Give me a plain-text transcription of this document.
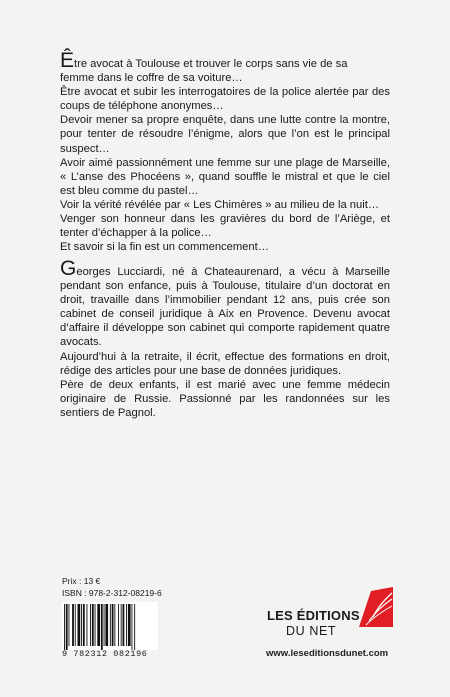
Être avocat à Toulouse et trouver le corps sans vie de sa
femme dans le coffre de sa voiture…

Être avocat et subir les interrogatoires de la police alertée par des coups de téléphone anonymes…

Devoir mener sa propre enquête, dans une lutte contre la montre, pour tenter de résoudre l’énigme, alors que l’on est le principal suspect…

Avoir aimé passionnément une femme sur une plage de Marseille, « L’anse des Phocéens », quand souffle le mistral et que le ciel est bleu comme du pastel…

Voir la vérité révélée par « Les Chimères » au milieu de la nuit…

Venger son honneur dans les gravières du bord de l’Ariège, et tenter d’échapper à la police…

Et savoir si la fin est un commencement…

Georges Lucciardi, né à Chateaurenard, a vécu à Marseille pendant son enfance, puis à Toulouse, titulaire d’un doctorat en droit, travaille dans l’immobilier pendant 12 ans, puis crée son cabinet de conseil juridique à Aix en Provence. Devenu avocat d’affaire il développe son cabinet qui comporte rapidement quatre avocats.

Aujourd’hui à la retraite, il écrit, effectue des formations en droit, rédige des articles pour une base de données juridiques.

Père de deux enfants, il est marié avec une femme médecin originaire de Russie. Passionné par les randonnées sur les sentiers de Pagnol.

Prix : 13 €
ISBN : 978-2-312-08219-6
9 782312 082196
LES ÉDITIONS
DU NET
www.leseditionsdunet.com
